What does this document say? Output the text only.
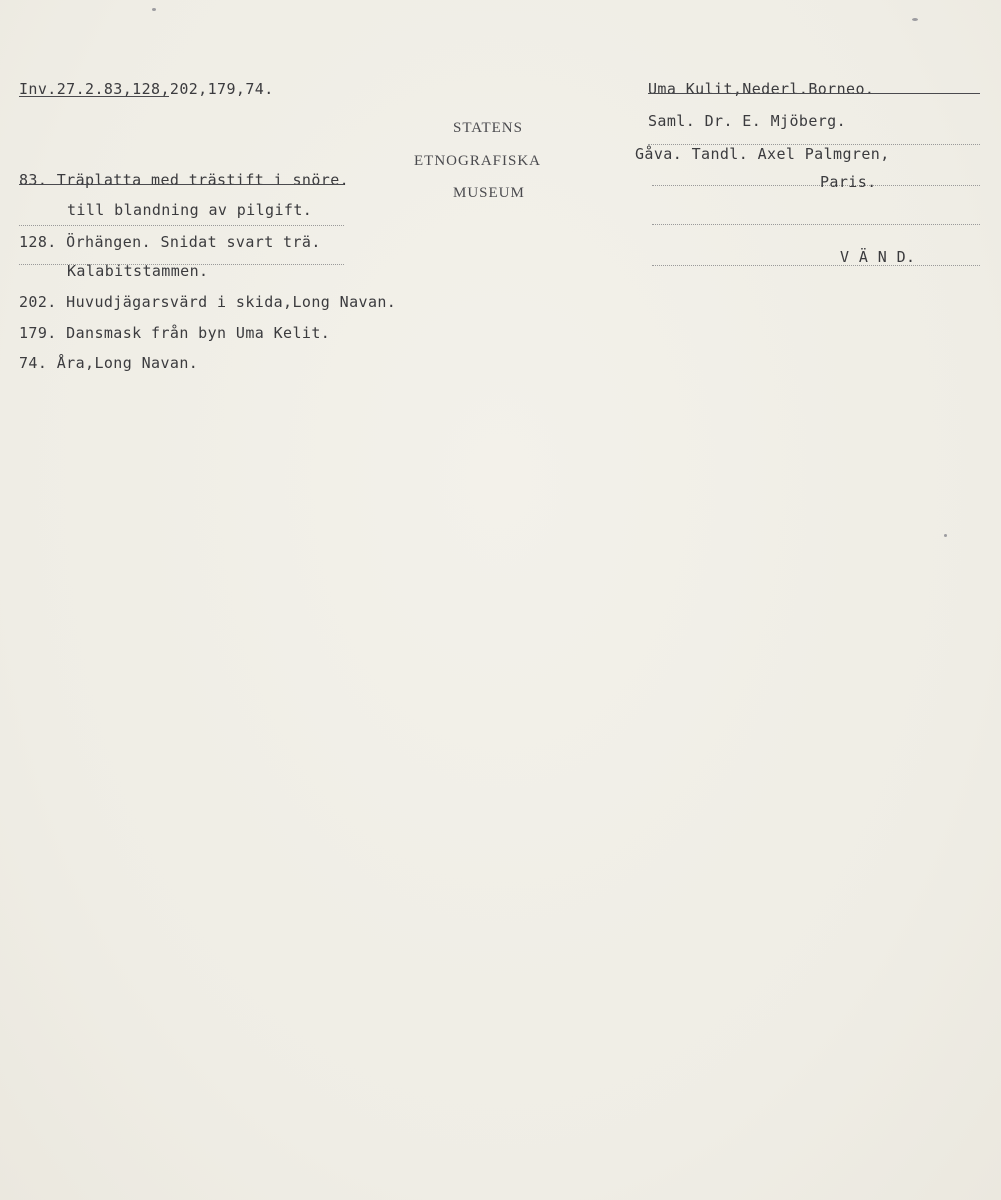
Inv.27.2.83,128,202,179,74.
STATENS
ETNOGRAFISKA
MUSEUM
Uma Kulit,Nederl.Borneo.
Saml. Dr. E. Mjöberg.
Gåva. Tandl. Axel Palmgren,
Paris.
V Ä N D.
83. Träplatta med trästift i snöre.
till blandning av pilgift.
128. Örhängen. Snidat svart trä.
Kalabitstammen.
202. Huvudjägarsvärd i skida,Long Navan.
179. Dansmask från byn Uma Kelit.
74. Åra,Long Navan.
